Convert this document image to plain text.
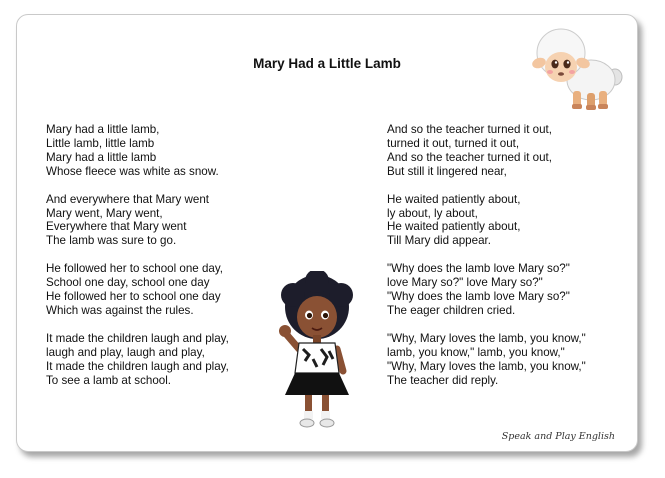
Mary Had a Little Lamb
Mary had a little lamb,
Little lamb, little lamb
Mary had a little lamb
Whose fleece was white as snow.
And everywhere that Mary went
Mary went, Mary went,
Everywhere that Mary went
The lamb was sure to go.
He followed her to school one day,
School one day, school one day
He followed her to school one day
Which was against the rules.
It made the children laugh and play,
laugh and play, laugh and play,
It made the children laugh and play,
To see a lamb at school.
And so the teacher turned it out,
turned it out, turned it out,
And so the teacher turned it out,
But still it lingered near,
He waited patiently about,
ly about, ly about,
He waited patiently about,
Till Mary did appear.
"Why does the lamb love Mary so?"
love Mary so?" love Mary so?"
"Why does the lamb love Mary so?"
The eager children cried.
"Why, Mary loves the lamb, you know,"
lamb, you know," lamb, you know,"
"Why, Mary loves the lamb, you know,"
The teacher did reply.
Speak and Play English
